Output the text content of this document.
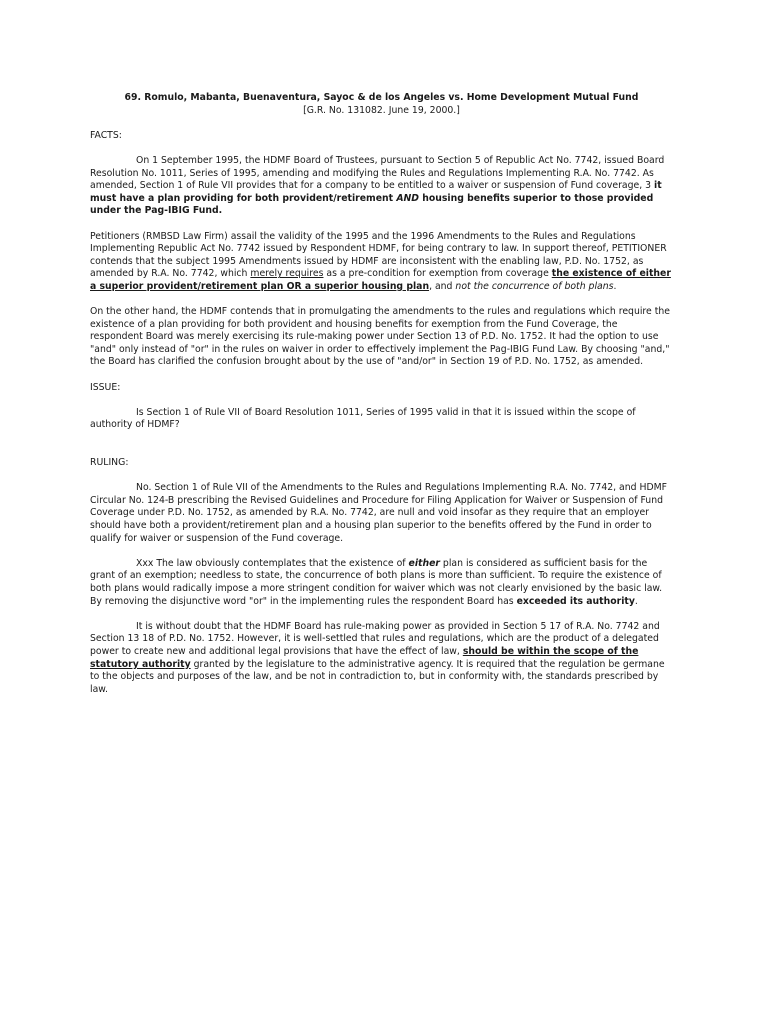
69. Romulo, Mabanta, Buenaventura, Sayoc & de los Angeles vs. Home Development Mutual Fund
[G.R. No. 131082. June 19, 2000.]

FACTS:

On 1 September 1995, the HDMF Board of Trustees, pursuant to Section 5 of Republic Act No. 7742, issued Board Resolution No. 1011, Series of 1995, amending and modifying the Rules and Regulations Implementing R.A. No. 7742. As amended, Section 1 of Rule VII provides that for a company to be entitled to a waiver or suspension of Fund coverage, 3 it must have a plan providing for both provident/retirement AND housing benefits superior to those provided under the Pag-IBIG Fund.

Petitioners (RMBSD Law Firm) assail the validity of the 1995 and the 1996 Amendments to the Rules and Regulations Implementing Republic Act No. 7742 issued by Respondent HDMF, for being contrary to law. In support thereof, PETITIONER contends that the subject 1995 Amendments issued by HDMF are inconsistent with the enabling law, P.D. No. 1752, as amended by R.A. No. 7742, which merely requires as a pre-condition for exemption from coverage the existence of either a superior provident/retirement plan OR a superior housing plan, and not the concurrence of both plans.

On the other hand, the HDMF contends that in promulgating the amendments to the rules and regulations which require the existence of a plan providing for both provident and housing benefits for exemption from the Fund Coverage, the respondent Board was merely exercising its rule-making power under Section 13 of P.D. No. 1752. It had the option to use "and" only instead of "or" in the rules on waiver in order to effectively implement the Pag-IBIG Fund Law. By choosing "and," the Board has clarified the confusion brought about by the use of "and/or" in Section 19 of P.D. No. 1752, as amended.

ISSUE:

Is Section 1 of Rule VII of Board Resolution 1011, Series of 1995 valid in that it is issued within the scope of authority of HDMF?

RULING:

No. Section 1 of Rule VII of the Amendments to the Rules and Regulations Implementing R.A. No. 7742, and HDMF Circular No. 124-B prescribing the Revised Guidelines and Procedure for Filing Application for Waiver or Suspension of Fund Coverage under P.D. No. 1752, as amended by R.A. No. 7742, are null and void insofar as they require that an employer should have both a provident/retirement plan and a housing plan superior to the benefits offered by the Fund in order to qualify for waiver or suspension of the Fund coverage.

Xxx The law obviously contemplates that the existence of either plan is considered as sufficient basis for the grant of an exemption; needless to state, the concurrence of both plans is more than sufficient. To require the existence of both plans would radically impose a more stringent condition for waiver which was not clearly envisioned by the basic law. By removing the disjunctive word "or" in the implementing rules the respondent Board has exceeded its authority.

It is without doubt that the HDMF Board has rule-making power as provided in Section 5 17 of R.A. No. 7742 and Section 13 18 of P.D. No. 1752. However, it is well-settled that rules and regulations, which are the product of a delegated power to create new and additional legal provisions that have the effect of law, should be within the scope of the statutory authority granted by the legislature to the administrative agency. It is required that the regulation be germane to the objects and purposes of the law, and be not in contradiction to, but in conformity with, the standards prescribed by law.
